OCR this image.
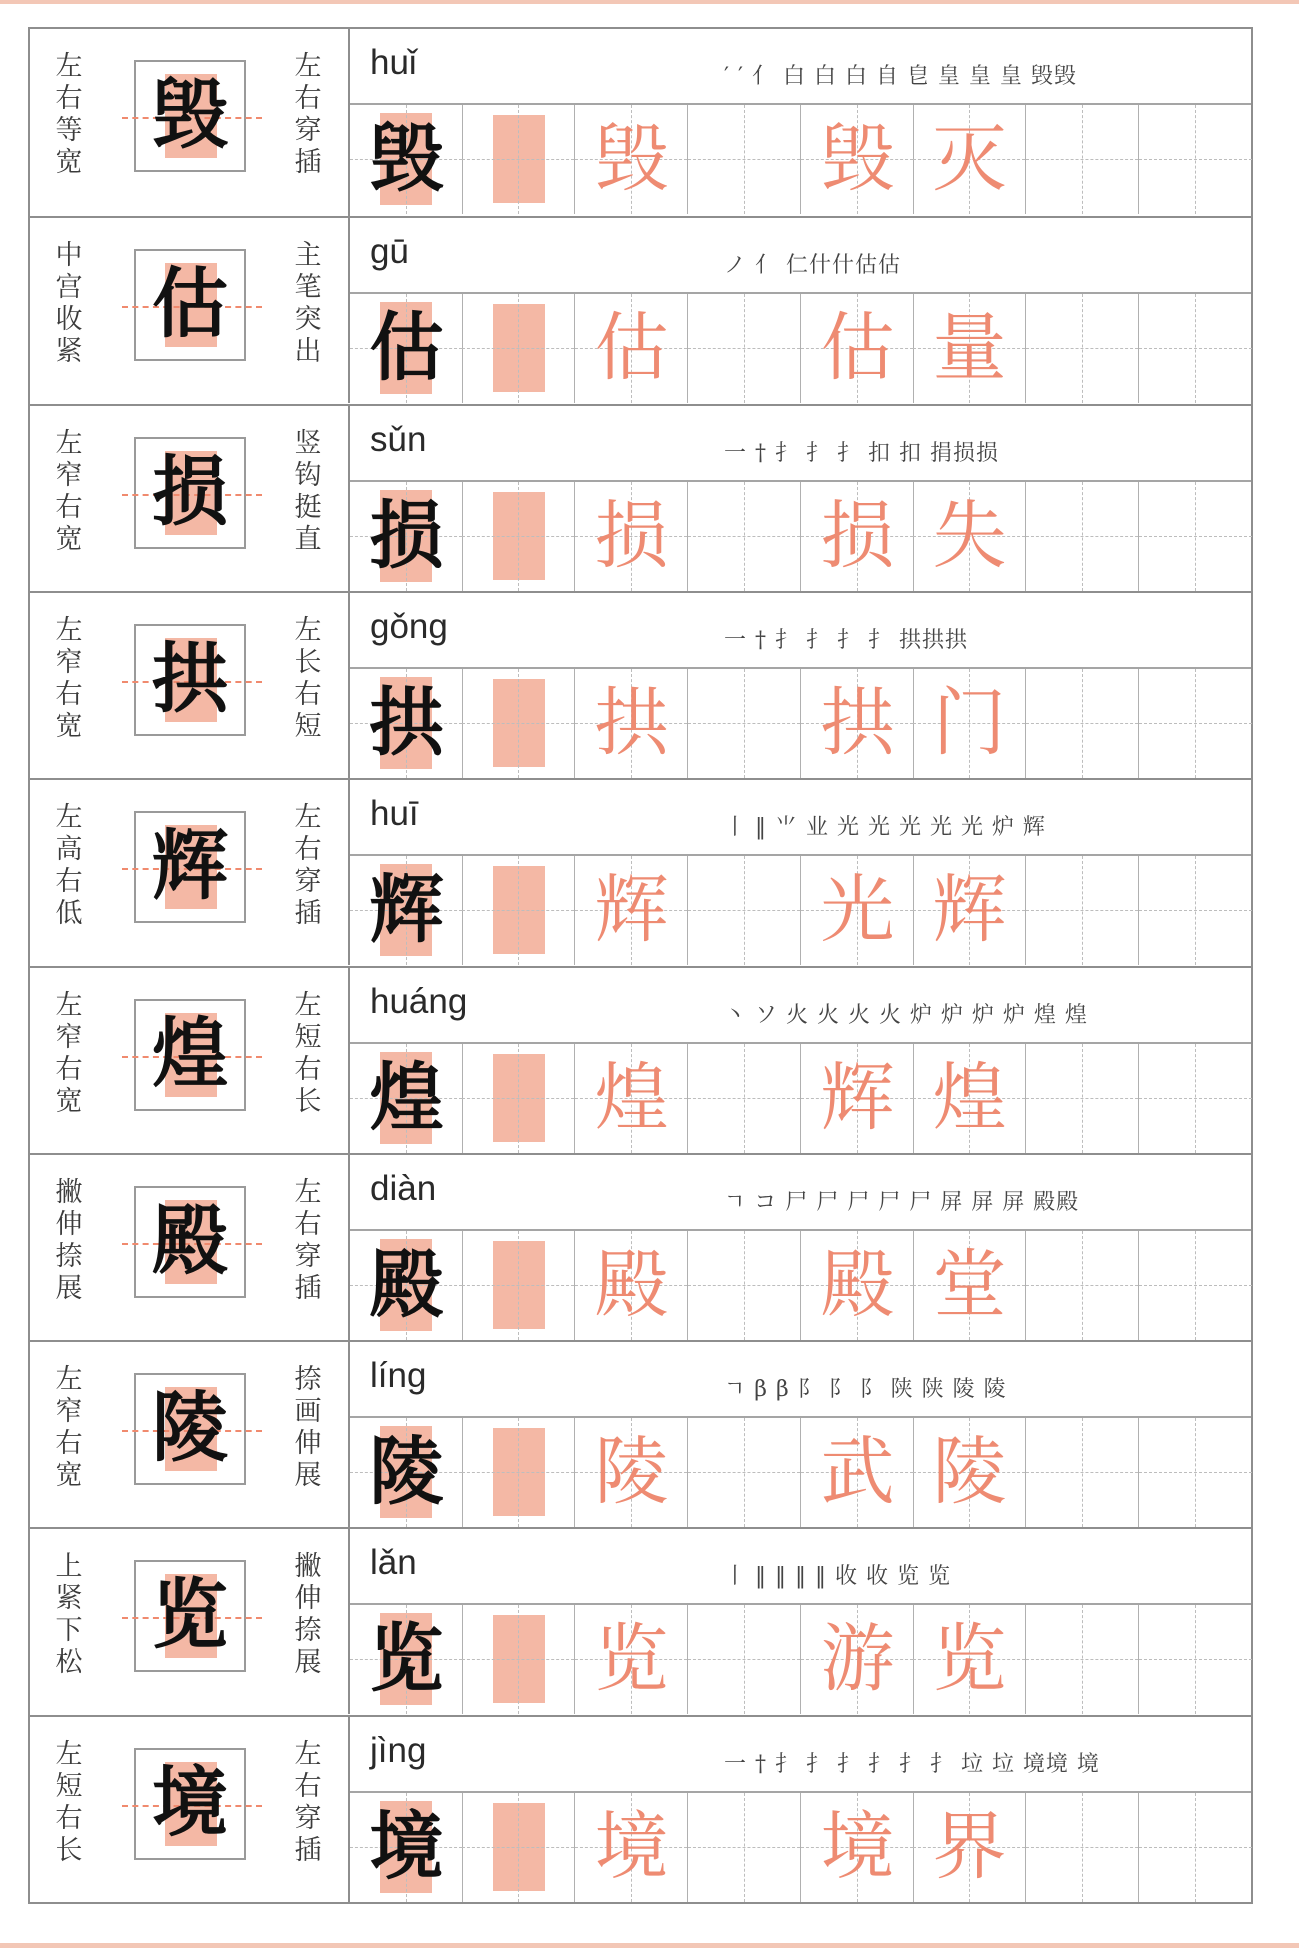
左右等宽
毁
左右穿插
huǐ	′ ′ 亻 白 白 白 自 皀 皇 皇 皇 毁毁
毁 毁 毁 灭
中宫收紧
估
主笔突出
gū	ノ 亻 仁什什估估
估 估 估 量
左窄右宽
损
竖钩挺直
sǔn	一 † 扌 扌 扌 扣 扣 捐损损
损 损 损 失
左窄右宽
拱
左长右短
gǒng	一 † 扌 扌 扌 扌 拱拱拱
拱 拱 拱 门
左高右低
辉
左右穿插
huī	丨 ‖ ⺌ 业 光 光 光 光 光 炉 辉
辉 辉 光 辉
左窄右宽
煌
左短右长
huáng	丶 ソ 火 火 火 火 炉 炉 炉 炉 煌 煌
煌 煌 辉 煌
撇伸捺展
殿
左右穿插
diàn	ㄱ コ 尸 尸 尸 尸 尸 屏 屏 屏 殿殿
殿 殿 殿 堂
左窄右宽
陵
捺画伸展
líng	ㄱ β β 阝 阝 阝 陕 陕 陵 陵
陵 陵 武 陵
上紧下松
览
撇伸捺展
lǎn	丨 ‖ ‖ ‖ ‖ 收 收 览 览
览 览 游 览
左短右长
境
左右穿插
jìng	一 † 扌 扌 扌 扌 扌 扌 垃 垃 境境 境
境 境 境 界
